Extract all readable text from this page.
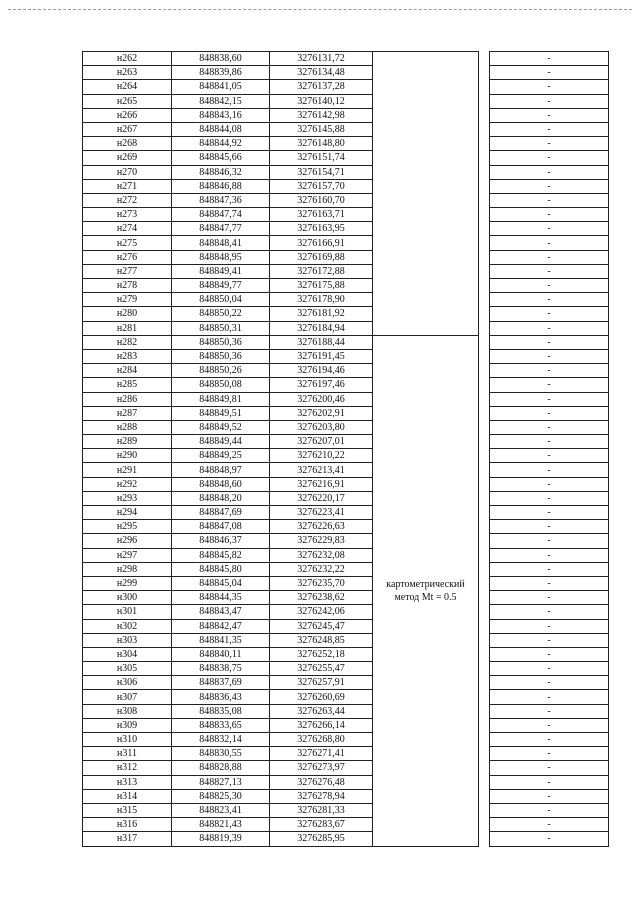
н262	848838,60	3276131,72			-
н263	848839,86	3276134,48			-
н264	848841,05	3276137,28			-
н265	848842,15	3276140,12			-
н266	848843,16	3276142,98			-
н267	848844,08	3276145,88			-
н268	848844,92	3276148,80			-
н269	848845,66	3276151,74			-
н270	848846,32	3276154,71			-
н271	848846,88	3276157,70			-
н272	848847,36	3276160,70			-
н273	848847,74	3276163,71			-
н274	848847,77	3276163,95			-
н275	848848,41	3276166,91			-
н276	848848,95	3276169,88			-
н277	848849,41	3276172,88			-
н278	848849,77	3276175,88			-
н279	848850,04	3276178,90			-
н280	848850,22	3276181,92			-
н281	848850,31	3276184,94			-
н282	848850,36	3276188,44	картометрический
метод Мt = 0.5		-
н283	848850,36	3276191,45			-
н284	848850,26	3276194,46			-
н285	848850,08	3276197,46			-
н286	848849,81	3276200,46			-
н287	848849,51	3276202,91			-
н288	848849,52	3276203,80			-
н289	848849,44	3276207,01			-
н290	848849,25	3276210,22			-
н291	848848,97	3276213,41			-
н292	848848,60	3276216,91			-
н293	848848,20	3276220,17			-
н294	848847,69	3276223,41			-
н295	848847,08	3276226,63			-
н296	848846,37	3276229,83			-
н297	848845,82	3276232,08			-
н298	848845,80	3276232,22			-
н299	848845,04	3276235,70			-
н300	848844,35	3276238,62			-
н301	848843,47	3276242,06			-
н302	848842,47	3276245,47			-
н303	848841,35	3276248,85			-
н304	848840,11	3276252,18			-
н305	848838,75	3276255,47			-
н306	848837,69	3276257,91			-
н307	848836,43	3276260,69			-
н308	848835,08	3276263,44			-
н309	848833,65	3276266,14			-
н310	848832,14	3276268,80			-
н311	848830,55	3276271,41			-
н312	848828,88	3276273,97			-
н313	848827,13	3276276,48			-
н314	848825,30	3276278,94			-
н315	848823,41	3276281,33			-
н316	848821,43	3276283,67			-
н317	848819,39	3276285,95			-
